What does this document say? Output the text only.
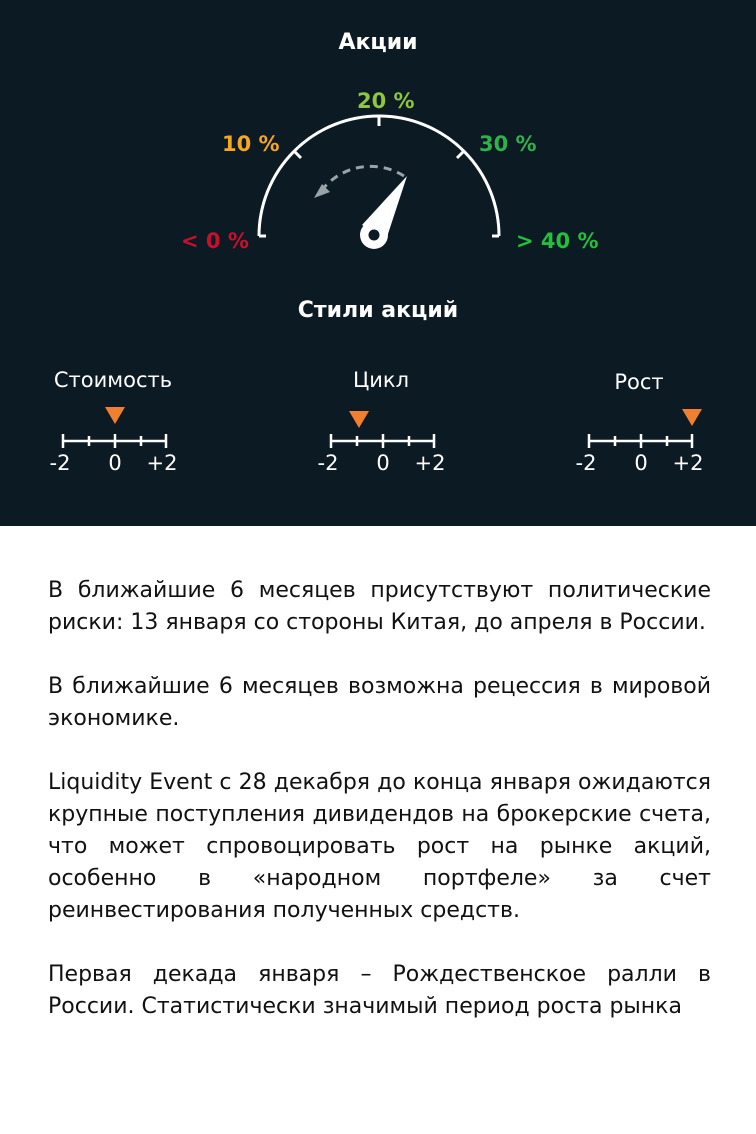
Акции
< 0 %
10 %
20 %
30 %
> 40 %
Стили акций
Стоимость
-2	0	+2
Цикл
-2	0	+2
Рост
-2	0	+2

В ближайшие 6 месяцев присутствуют политические риски: 13 января со стороны Китая, до апреля в России.

В ближайшие 6 месяцев возможна рецессия в мировой экономике.

Liquidity Event с 28 декабря до конца января ожидаются крупные поступления дивидендов на брокерские счета, что может спровоцировать рост на рынке акций, особенно в «народном портфеле» за счет реинвестирования полученных средств.

Первая декада января – Рождественское ралли в России. Статистически значимый период роста рынка
